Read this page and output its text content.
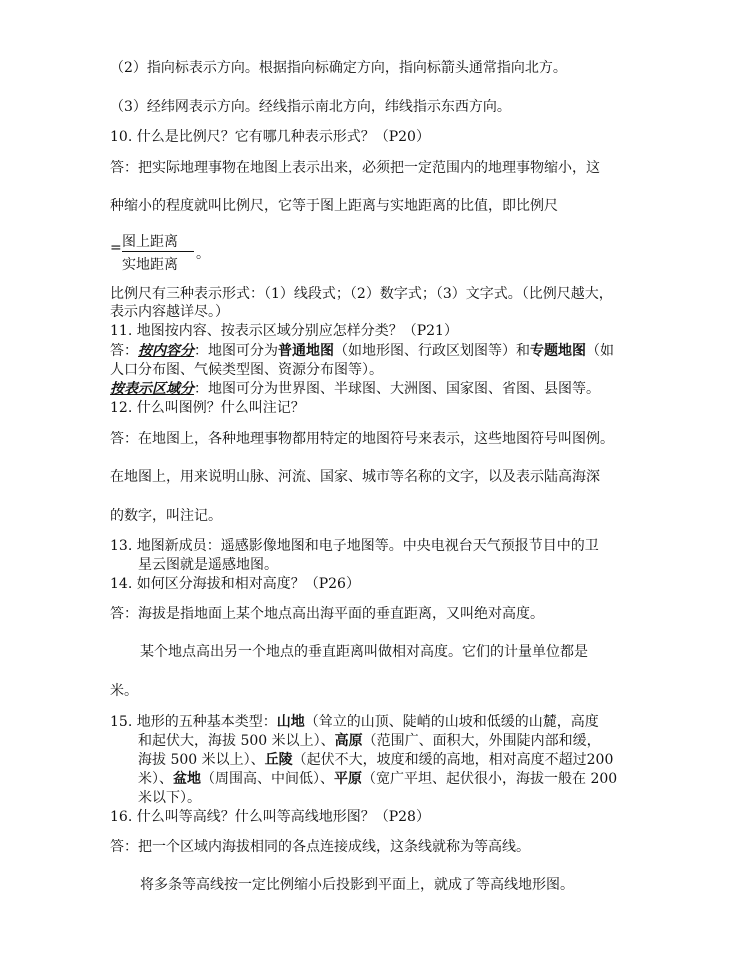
（2）指向标表示方向。根据指向标确定方向，指向标箭头通常指向北方。
（3）经纬网表示方向。经线指示南北方向，纬线指示东西方向。
10. 什么是比例尺？它有哪几种表示形式？（P20）
答：把实际地理事物在地图上表示出来，必须把一定范围内的地理事物缩小，这
种缩小的程度就叫比例尺，它等于图上距离与实地距离的比值，即比例尺
= 图上距离
实地距离
。
比例尺有三种表示形式：（1）线段式；（2）数字式；（3）文字式。（比例尺越大，
表示内容越详尽。）
11. 地图按内容、按表示区域分别应怎样分类？（P21）
答：按内容分：地图可分为普通地图（如地形图、行政区划图等）和专题地图（如
人口分布图、气候类型图、资源分布图等）。
按表示区域分：地图可分为世界图、半球图、大洲图、国家图、省图、县图等。
12. 什么叫图例？什么叫注记？
答：在地图上，各种地理事物都用特定的地图符号来表示，这些地图符号叫图例。
在地图上，用来说明山脉、河流、国家、城市等名称的文字，以及表示陆高海深
的数字，叫注记。
13. 地图新成员：遥感影像地图和电子地图等。中央电视台天气预报节目中的卫
星云图就是遥感地图。
14. 如何区分海拔和相对高度？（P26）
答：海拔是指地面上某个地点高出海平面的垂直距离，又叫绝对高度。
某个地点高出另一个地点的垂直距离叫做相对高度。它们的计量单位都是
米。
15. 地形的五种基本类型：山地（耸立的山顶、陡峭的山坡和低缓的山麓，高度
和起伏大，海拔 500 米以上）、高原（范围广、面积大，外围陡内部和缓，
海拔 500 米以上）、丘陵（起伏不大，坡度和缓的高地，相对高度不超过200
米）、盆地（周围高、中间低）、平原（宽广平坦、起伏很小，海拔一般在 200
米以下）。
16. 什么叫等高线？什么叫等高线地形图？（P28）
答：把一个区域内海拔相同的各点连接成线，这条线就称为等高线。
将多条等高线按一定比例缩小后投影到平面上，就成了等高线地形图。
